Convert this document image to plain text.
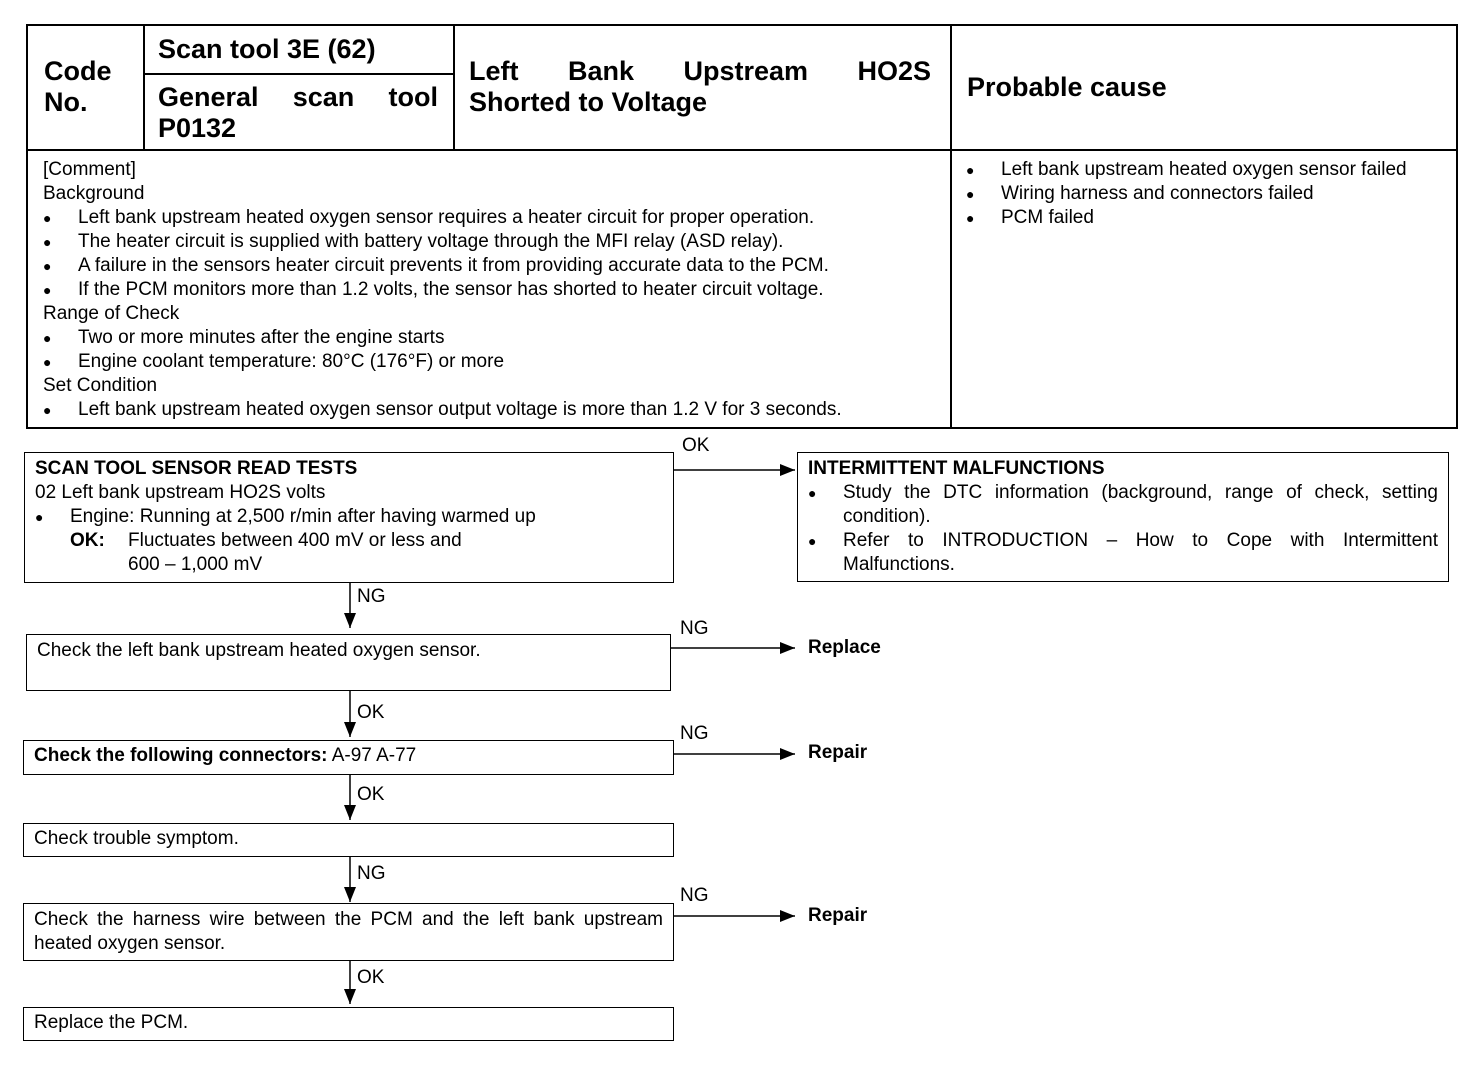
Code
No.
Scan tool 3E (62)
General scan tool
P0132
Left Bank Upstream HO2S
Shorted to Voltage	Probable cause
[Comment]
Background
● Left bank upstream heated oxygen sensor requires a heater circuit for proper operation.
● The heater circuit is supplied with battery voltage through the MFI relay (ASD relay).
● A failure in the sensors heater circuit prevents it from providing accurate data to the PCM.
● If the PCM monitors more than 1.2 volts, the sensor has shorted to heater circuit voltage.
Range of Check
● Two or more minutes after the engine starts
● Engine coolant temperature: 80°C (176°F) or more
Set Condition
● Left bank upstream heated oxygen sensor output voltage is more than 1.2 V for 3 seconds.
● Left bank upstream heated oxygen sensor failed
● Wiring harness and connectors failed
● PCM failed
SCAN TOOL SENSOR READ TESTS
02 Left bank upstream HO2S volts
● Engine: Running at 2,500 r/min after having warmed up
OK: Fluctuates between 400 mV or less and
600 – 1,000 mV
INTERMITTENT MALFUNCTIONS
● Study the DTC information (background, range of check, setting condition).
● Refer to INTRODUCTION – How to Cope with Intermittent Malfunctions.
Check the left bank upstream heated oxygen sensor.
Check the following connectors: A-97 A-77
Check trouble symptom.
Check the harness wire between the PCM and the left bank upstream heated oxygen sensor.
Replace the PCM.
OK
NG
NG
OK
NG
OK
NG
NG
OK
Replace
Repair
Repair
